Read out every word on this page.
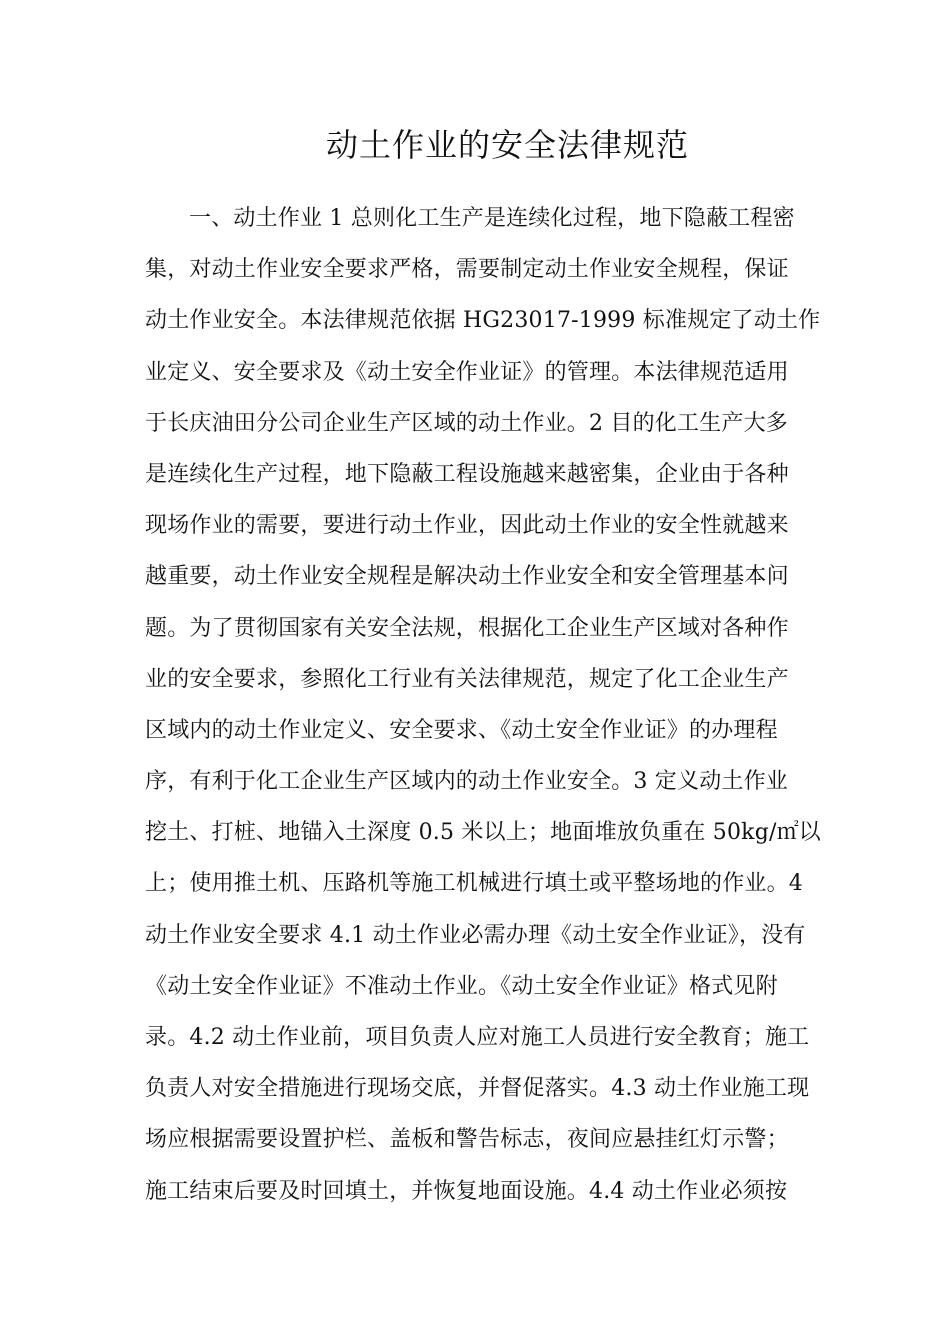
动土作业的安全法律规范
一、动土作业 1 总则化工生产是连续化过程，地下隐蔽工程密
集，对动土作业安全要求严格，需要制定动土作业安全规程，保证
动土作业安全。本法律规范依据 HG23017-1999 标准规定了动土作
业定义、安全要求及《动土安全作业证》的管理。本法律规范适用
于长庆油田分公司企业生产区域的动土作业。2 目的化工生产大多
是连续化生产过程，地下隐蔽工程设施越来越密集，企业由于各种
现场作业的需要，要进行动土作业，因此动土作业的安全性就越来
越重要，动土作业安全规程是解决动土作业安全和安全管理基本问
题。为了贯彻国家有关安全法规，根据化工企业生产区域对各种作
业的安全要求，参照化工行业有关法律规范，规定了化工企业生产
区域内的动土作业定义、安全要求、《动土安全作业证》的办理程
序，有利于化工企业生产区域内的动土作业安全。3 定义动土作业
挖土、打桩、地锚入土深度 0.5 米以上；地面堆放负重在 50kg/㎡以
上；使用推土机、压路机等施工机械进行填土或平整场地的作业。4
动土作业安全要求 4.1 动土作业必需办理《动土安全作业证》，没有
《动土安全作业证》不准动土作业。《动土安全作业证》格式见附
录。4.2 动土作业前，项目负责人应对施工人员进行安全教育；施工
负责人对安全措施进行现场交底，并督促落实。4.3 动土作业施工现
场应根据需要设置护栏、盖板和警告标志，夜间应悬挂红灯示警；
施工结束后要及时回填土，并恢复地面设施。4.4 动土作业必须按
